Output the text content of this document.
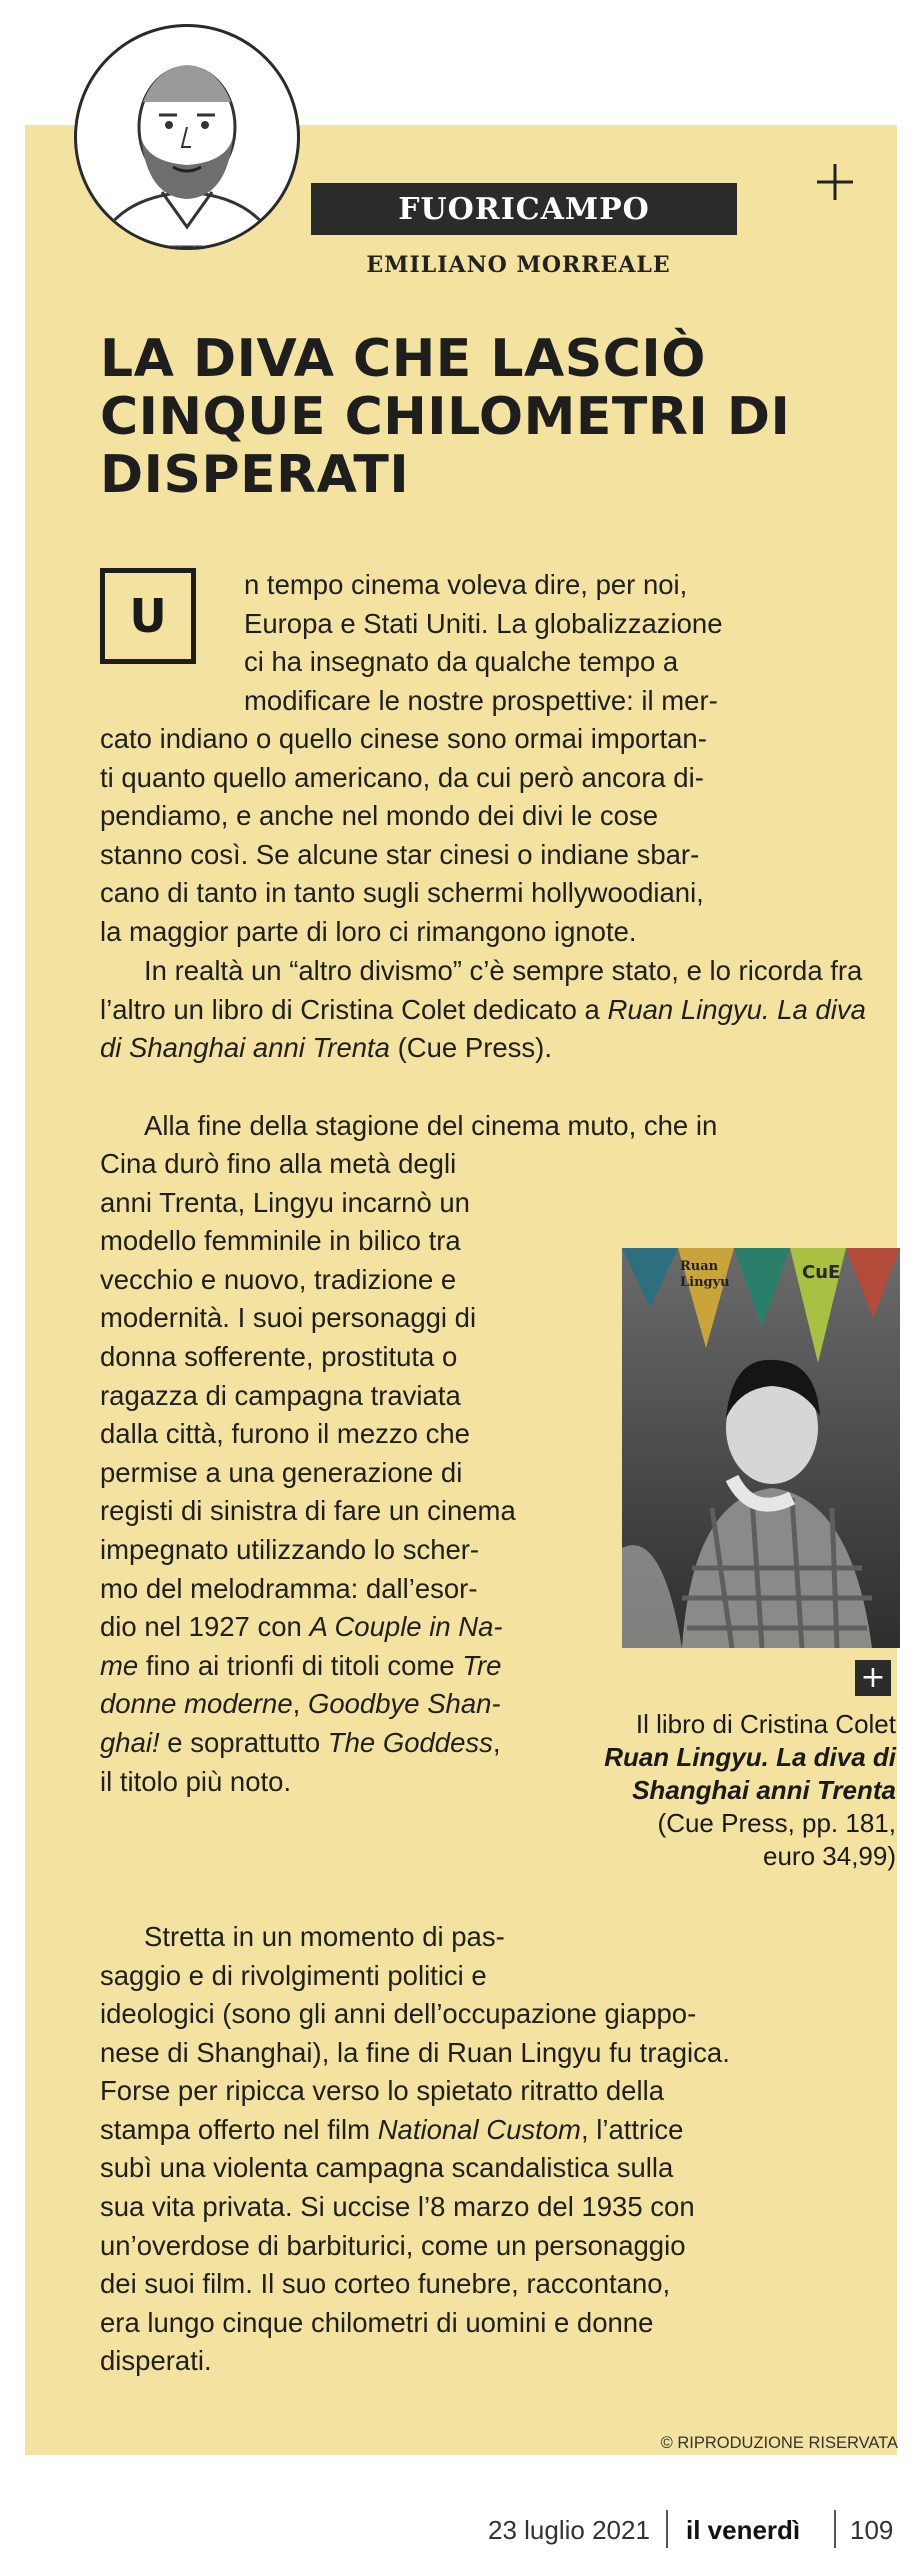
FUORICAMPO
EMILIANO MORREALE
LA DIVA CHE LASCIÒ CINQUE CHILOMETRI DI DISPERATI
U
n tempo cinema voleva dire, per noi,
Europa e Stati Uniti. La globalizzazione
ci ha insegnato da qualche tempo a
modificare le nostre prospettive: il mer-
cato indiano o quello cinese sono ormai importan-
ti quanto quello americano, da cui però ancora di-
pendiamo, e anche nel mondo dei divi le cose
stanno così. Se alcune star cinesi o indiane sbar-
cano di tanto in tanto sugli schermi hollywoodiani,
la maggior parte di loro ci rimangono ignote.
In realtà un “altro divismo” c’è sempre stato, e lo ricorda fra l’altro un libro di Cristina Colet dedicato a Ruan Lingyu. La diva di Shanghai anni Trenta (Cue Press).
Alla fine della stagione del cinema muto, che in
Cina durò fino alla metà degli
anni Trenta, Lingyu incarnò un
modello femminile in bilico tra
vecchio e nuovo, tradizione e
modernità. I suoi personaggi di
donna sofferente, prostituta o
ragazza di campagna traviata
dalla città, furono il mezzo che
permise a una generazione di
registi di sinistra di fare un cinema
impegnato utilizzando lo scher-
mo del melodramma: dall’esor-
dio nel 1927 con A Couple in Na-
me fino ai trionfi di titoli come Tre
donne moderne, Goodbye Shan-
ghai! e soprattutto The Goddess,
il titolo più noto.
Stretta in un momento di pas-
saggio e di rivolgimenti politici e
ideologici (sono gli anni dell’occupazione giappo-
nese di Shanghai), la fine di Ruan Lingyu fu tragica.
Forse per ripicca verso lo spietato ritratto della
stampa offerto nel film National Custom, l’attrice
subì una violenta campagna scandalistica sulla
sua vita privata. Si uccise l’8 marzo del 1935 con
un’overdose di barbiturici, come un personaggio
dei suoi film. Il suo corteo funebre, raccontano,
era lungo cinque chilometri di uomini e donne
disperati.
Ruan
Lingyu	CuE
+
Il libro di Cristina Colet Ruan Lingyu. La diva di Shanghai anni Trenta (Cue Press, pp. 181, euro 34,99)
© RIPRODUZIONE RISERVATA
23 luglio 2021 il venerdì 109
